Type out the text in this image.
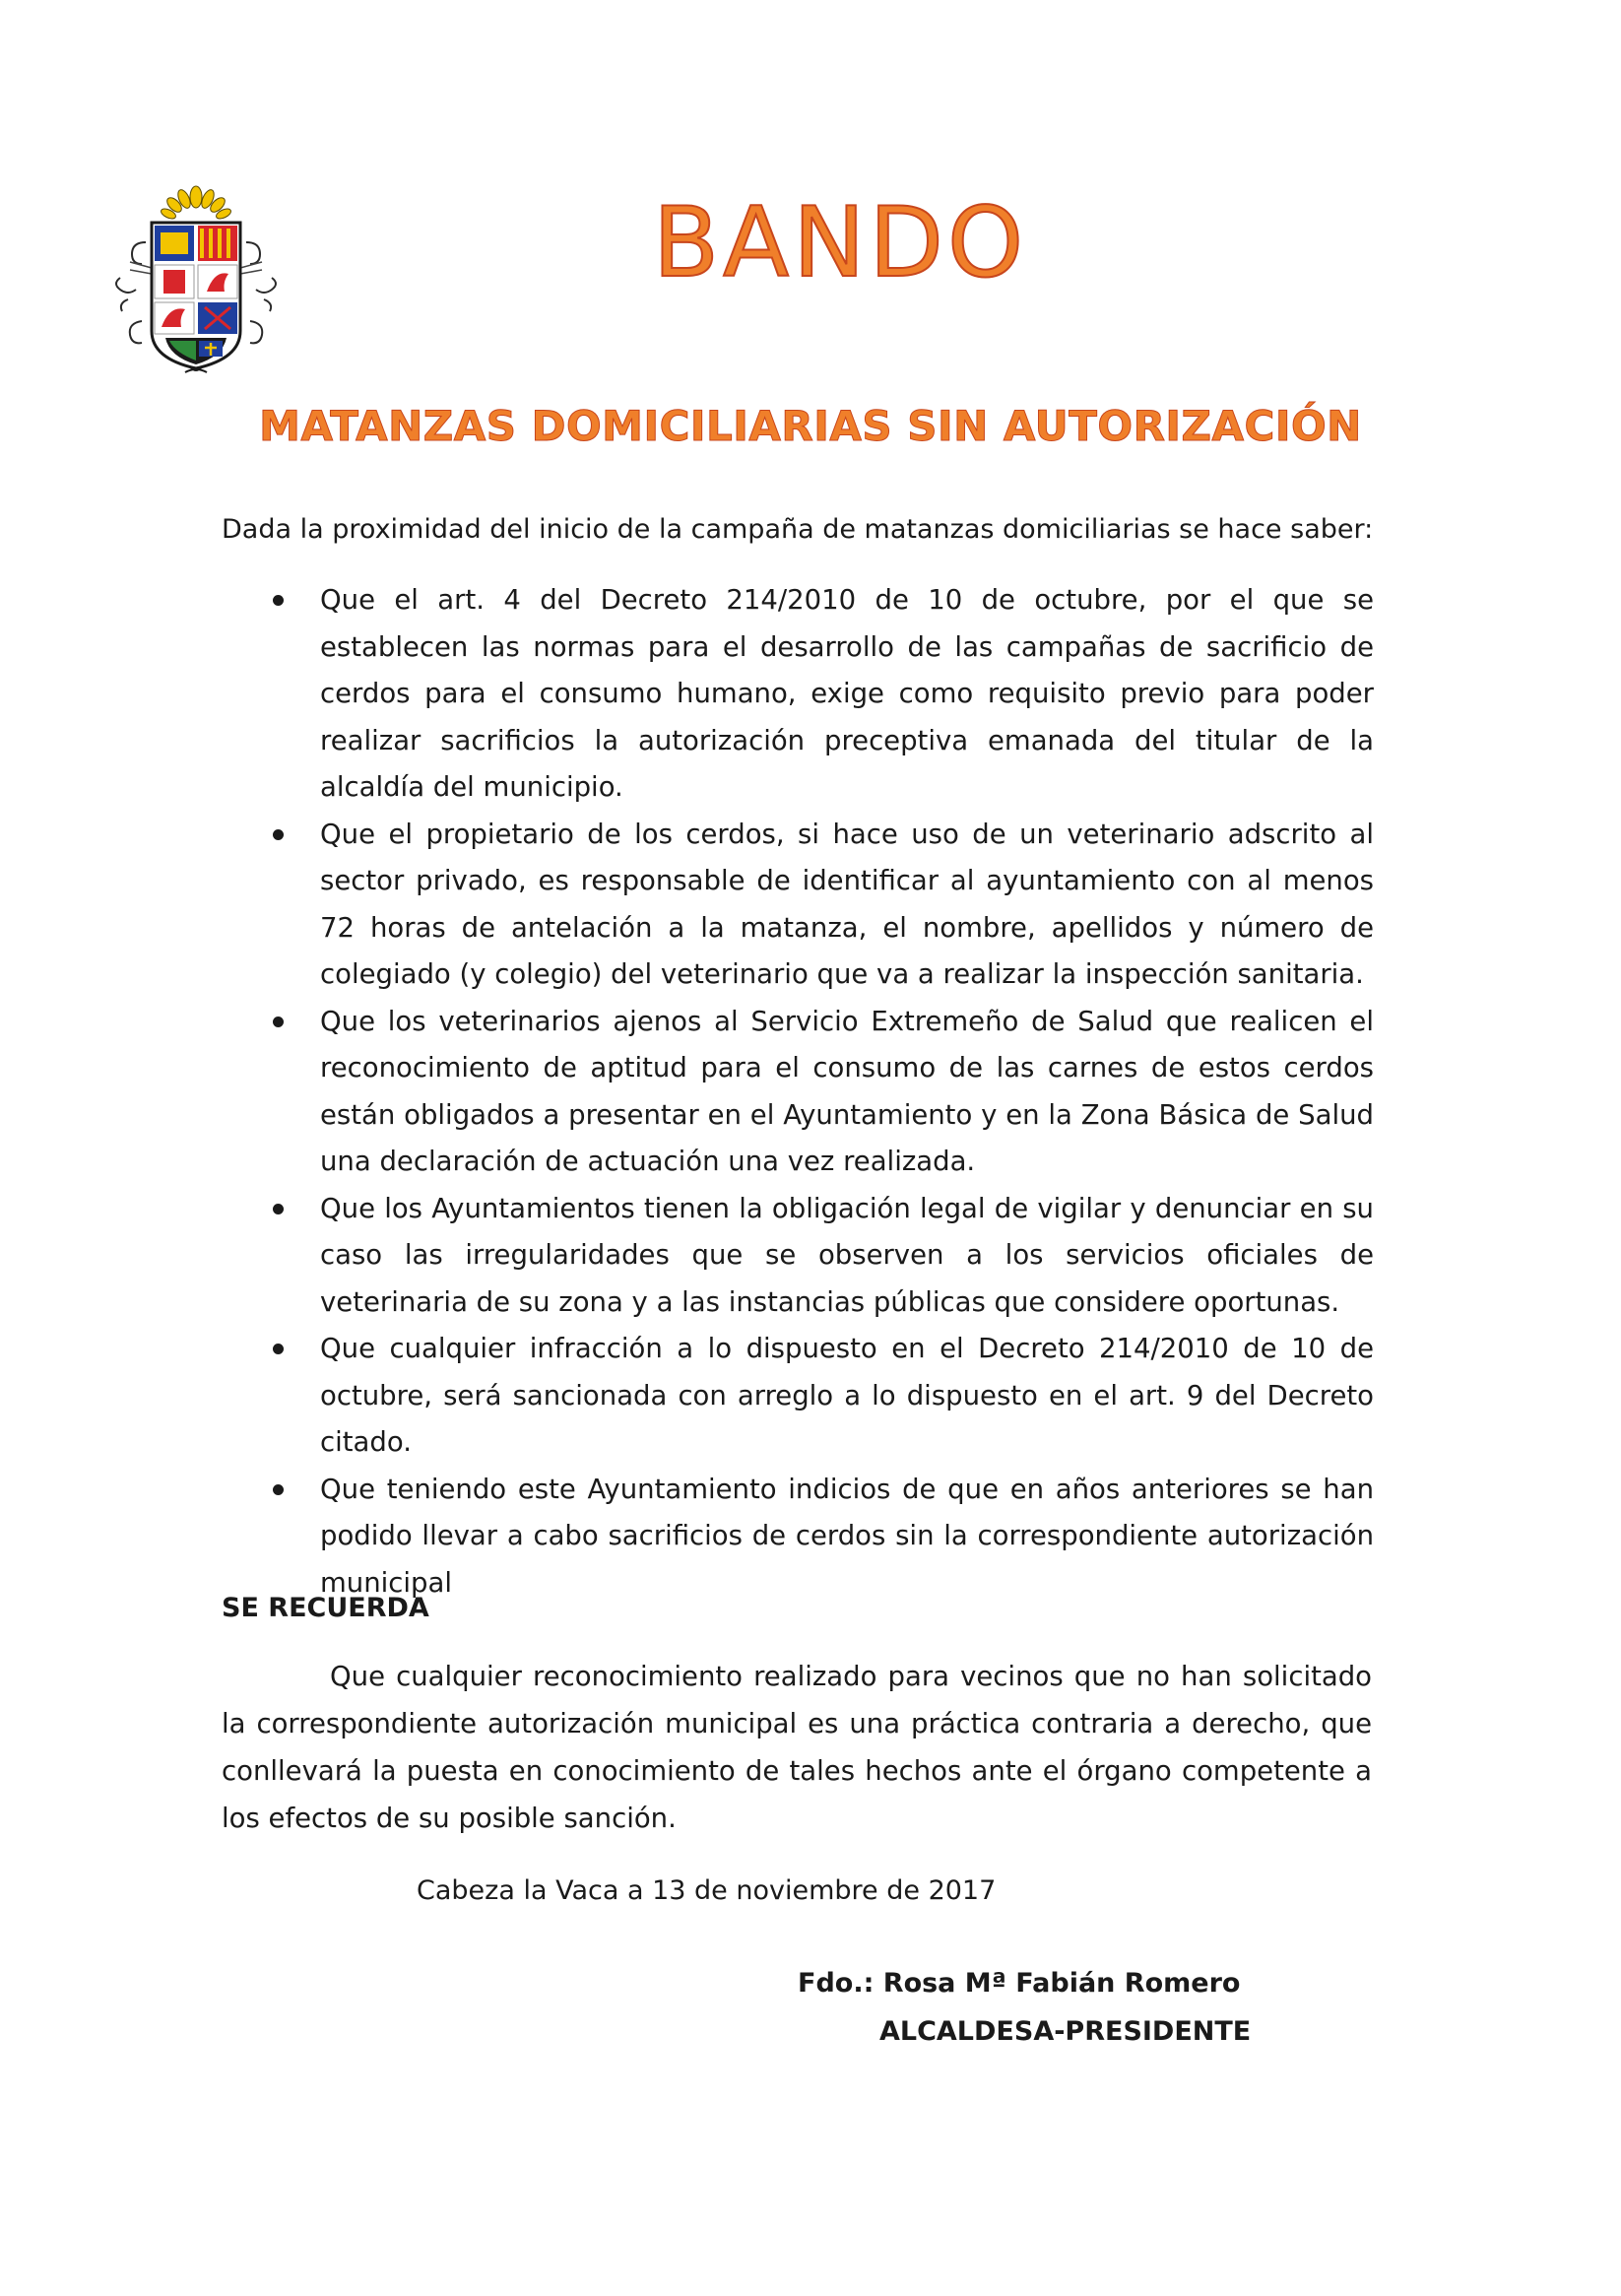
BANDO
MATANZAS DOMICILIARIAS SIN AUTORIZACIÓN
Dada la proximidad del inicio de la campaña de matanzas domiciliarias se hace saber:
Que el art. 4 del Decreto 214/2010 de 10 de octubre, por el que se establecen las normas para el desarrollo de las campañas de sacrificio de cerdos para el consumo humano, exige como requisito previo para poder realizar sacrificios la autorización preceptiva emanada del titular de la alcaldía del municipio.
Que el propietario de los cerdos, si hace uso de un veterinario adscrito al sector privado, es responsable de identificar al ayuntamiento con al menos 72 horas de antelación a la matanza, el nombre, apellidos y número de colegiado (y colegio) del veterinario que va a realizar la inspección sanitaria.
Que los veterinarios ajenos al Servicio Extremeño de Salud que realicen el reconocimiento de aptitud para el consumo de las carnes de estos cerdos están obligados a presentar en el Ayuntamiento y en la Zona Básica de Salud una declaración de actuación una vez realizada.
Que los Ayuntamientos tienen la obligación legal de vigilar y denunciar en su caso las irregularidades que se observen a los servicios oficiales de veterinaria de su zona y a las instancias públicas que considere oportunas.
Que cualquier infracción a lo dispuesto en el Decreto 214/2010 de 10 de octubre, será sancionada con arreglo a lo dispuesto en el art. 9 del Decreto citado.
Que teniendo este Ayuntamiento indicios de que en años anteriores se han podido llevar a cabo sacrificios de cerdos sin la correspondiente autorización municipal
SE RECUERDA

Que cualquier reconocimiento realizado para vecinos que no han solicitado la correspondiente autorización municipal es una práctica contraria a derecho, que conllevará la puesta en conocimiento de tales hechos ante el órgano competente a los efectos de su posible sanción.

Cabeza la Vaca a 13 de noviembre de 2017
Fdo.: Rosa Mª Fabián Romero
ALCALDESA-PRESIDENTE
